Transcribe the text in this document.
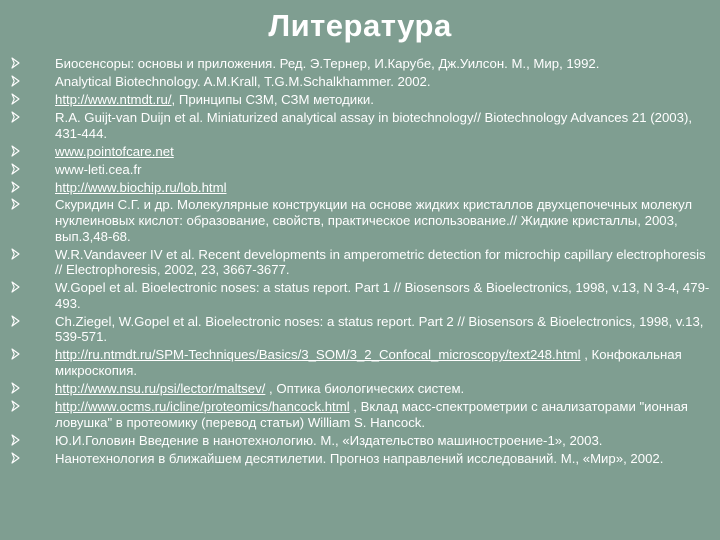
Литература
Биосенсоры: основы и приложения. Ред. Э.Тернер, И.Карубе, Дж.Уилсон. М., Мир, 1992.
Analytical Biotechnology. A.M.Krall, T.G.M.Schalkhammer. 2002.
http://www.ntmdt.ru/, Принципы СЗМ, СЗМ методики.
R.A. Guijt-van Duijn et al. Miniaturized analytical assay in biotechnology// Biotechnology Advances 21 (2003), 431-444.
www.pointofcare.net
www-leti.cea.fr
http://www.biochip.ru/lob.html
Скуридин С.Г. и др. Молекулярные конструкции на основе жидких кристаллов двухцепочечных молекул нуклеиновых кислот: образование, свойств, практическое использование.// Жидкие кристаллы, 2003, вып.3,48-68.
W.R.Vandaveer IV et al. Recent developments in amperometric detection for microchip capillary electrophoresis // Electrophoresis, 2002, 23, 3667-3677.
W.Gopel et al. Bioelectronic noses: a status report. Part 1 // Biosensors & Bioelectronics, 1998, v.13, N 3-4, 479-493.
Ch.Ziegel, W.Gopel et al. Bioelectronic noses: a status report. Part 2 // Biosensors & Bioelectronics, 1998, v.13, 539-571.
http://ru.ntmdt.ru/SPM-Techniques/Basics/3_SOM/3_2_Confocal_microscopy/text248.html , Конфокальная микроскопия.
http://www.nsu.ru/psi/lector/maltsev/ , Оптика биологических систем.
http://www.ocms.ru/icline/proteomics/hancock.html , Вклад масс-спектрометрии с анализаторами "ионная ловушка" в протеомику (перевод статьи) William S. Hancock.
Ю.И.Головин Введение в нанотехнологию. М., «Издательство машиностроение-1», 2003.
Нанотехнология в ближайшем десятилетии. Прогноз направлений исследований. М., «Мир», 2002.
